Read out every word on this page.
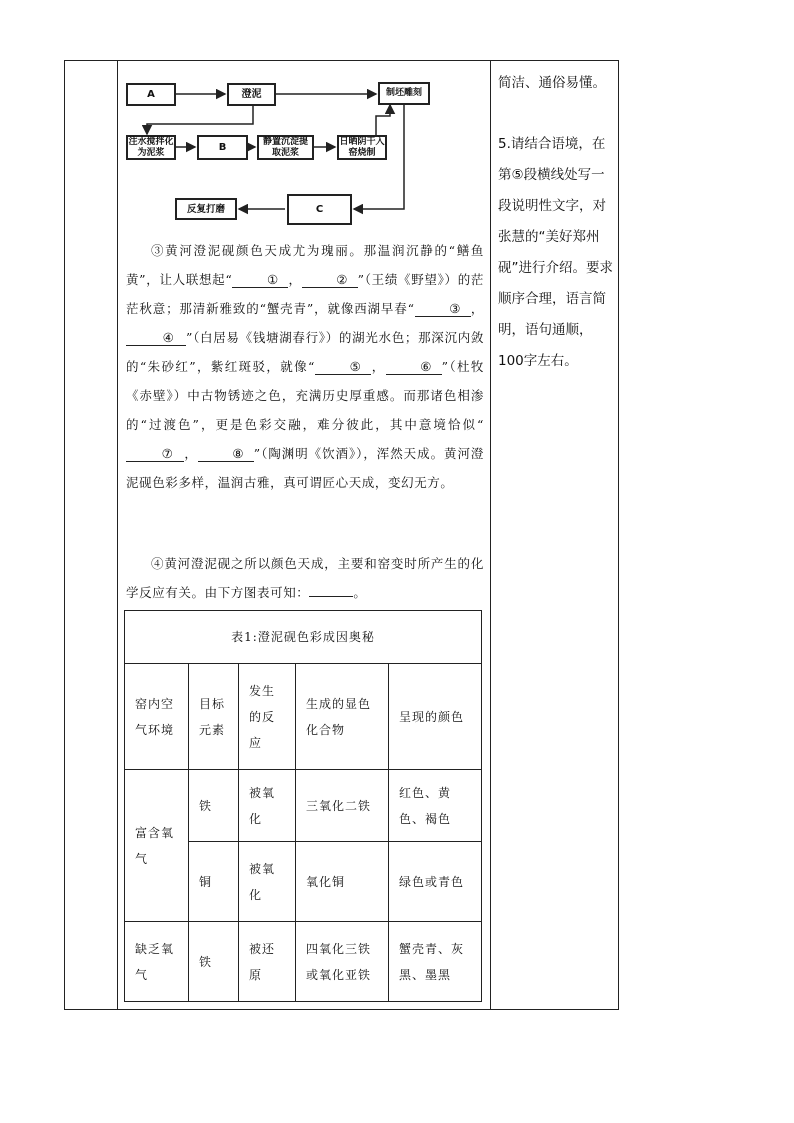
A	澄泥	制坯雕刻
注水搅拌化为泥浆	B
静置沉淀提取泥浆
日晒阴干入窑烧制
反复打磨	C

③黄河澄泥砚颜色天成尤为瑰丽。那温润沉静的“鳝鱼黄”，让人联想起“	① ，	② ”（王绩《野望》）的茫茫秋意；那清新雅致的“蟹壳青”，就像西湖早春“	③ ，④ ”（白居易《钱塘湖春行》）的湖光水色；那深沉内敛的“朱砂红”，紫红斑驳，就像“	⑤ ，	⑥ ”（杜牧《赤壁》）中古物锈迹之色，充满历史厚重感。而那诸色相渗的“过渡色”，更是色彩交融，难分彼此，其中意境恰似“⑦ ，	⑧ ”（陶渊明《饮酒》），浑然天成。黄河澄泥砚色彩多样，温润古雅，真可谓匠心天成，变幻无方。

④黄河澄泥砚之所以颜色天成，主要和窑变时所产生的化学反应有关。由下方图表可知：	。

表1:澄泥砚色彩成因奥秘				
窑内空气环境	目标元素	发生的反应	生成的显色化合物	呈现的颜色
富含氧气	铁	被氧化	三氧化二铁	红色、黄色、褐色
	铜	被氧化	氧化铜	绿色或青色
缺乏氧气	铁	被还原	四氧化三铁或氧化亚铁	蟹壳青、灰黑、墨黑

简洁、通俗易懂。

5.请结合语境，在第⑤段横线处写一段说明性文字，对张慧的“美好郑州砚”进行介绍。要求顺序合理，语言简明，语句通顺，100字左右。
